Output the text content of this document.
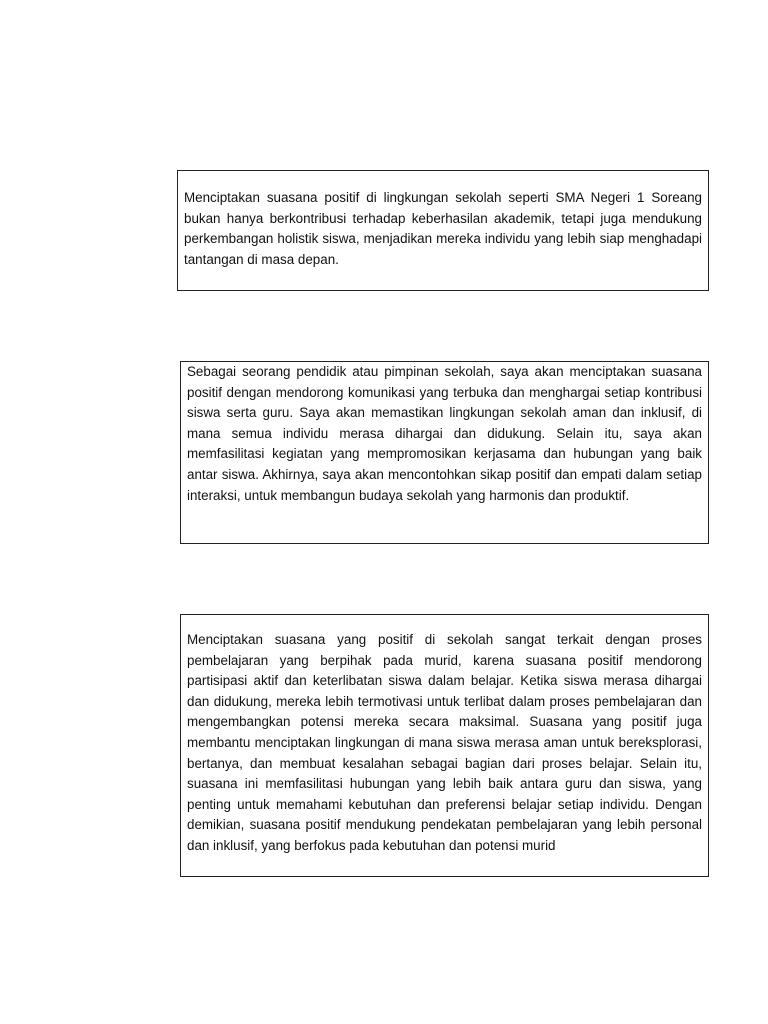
Menciptakan suasana positif di lingkungan sekolah seperti SMA Negeri 1 Soreang bukan hanya berkontribusi terhadap keberhasilan akademik, tetapi juga mendukung perkembangan holistik siswa, menjadikan mereka individu yang lebih siap menghadapi tantangan di masa depan.

Sebagai seorang pendidik atau pimpinan sekolah, saya akan menciptakan suasana positif dengan mendorong komunikasi yang terbuka dan menghargai setiap kontribusi siswa serta guru. Saya akan memastikan lingkungan sekolah aman dan inklusif, di mana semua individu merasa dihargai dan didukung. Selain itu, saya akan memfasilitasi kegiatan yang mempromosikan kerjasama dan hubungan yang baik antar siswa. Akhirnya, saya akan mencontohkan sikap positif dan empati dalam setiap interaksi, untuk membangun budaya sekolah yang harmonis dan produktif.

Menciptakan suasana yang positif di sekolah sangat terkait dengan proses pembelajaran yang berpihak pada murid, karena suasana positif mendorong partisipasi aktif dan keterlibatan siswa dalam belajar. Ketika siswa merasa dihargai dan didukung, mereka lebih termotivasi untuk terlibat dalam proses pembelajaran dan mengembangkan potensi mereka secara maksimal. Suasana yang positif juga membantu menciptakan lingkungan di mana siswa merasa aman untuk bereksplorasi, bertanya, dan membuat kesalahan sebagai bagian dari proses belajar. Selain itu, suasana ini memfasilitasi hubungan yang lebih baik antara guru dan siswa, yang penting untuk memahami kebutuhan dan preferensi belajar setiap individu. Dengan demikian, suasana positif mendukung pendekatan pembelajaran yang lebih personal dan inklusif, yang berfokus pada kebutuhan dan potensi murid
